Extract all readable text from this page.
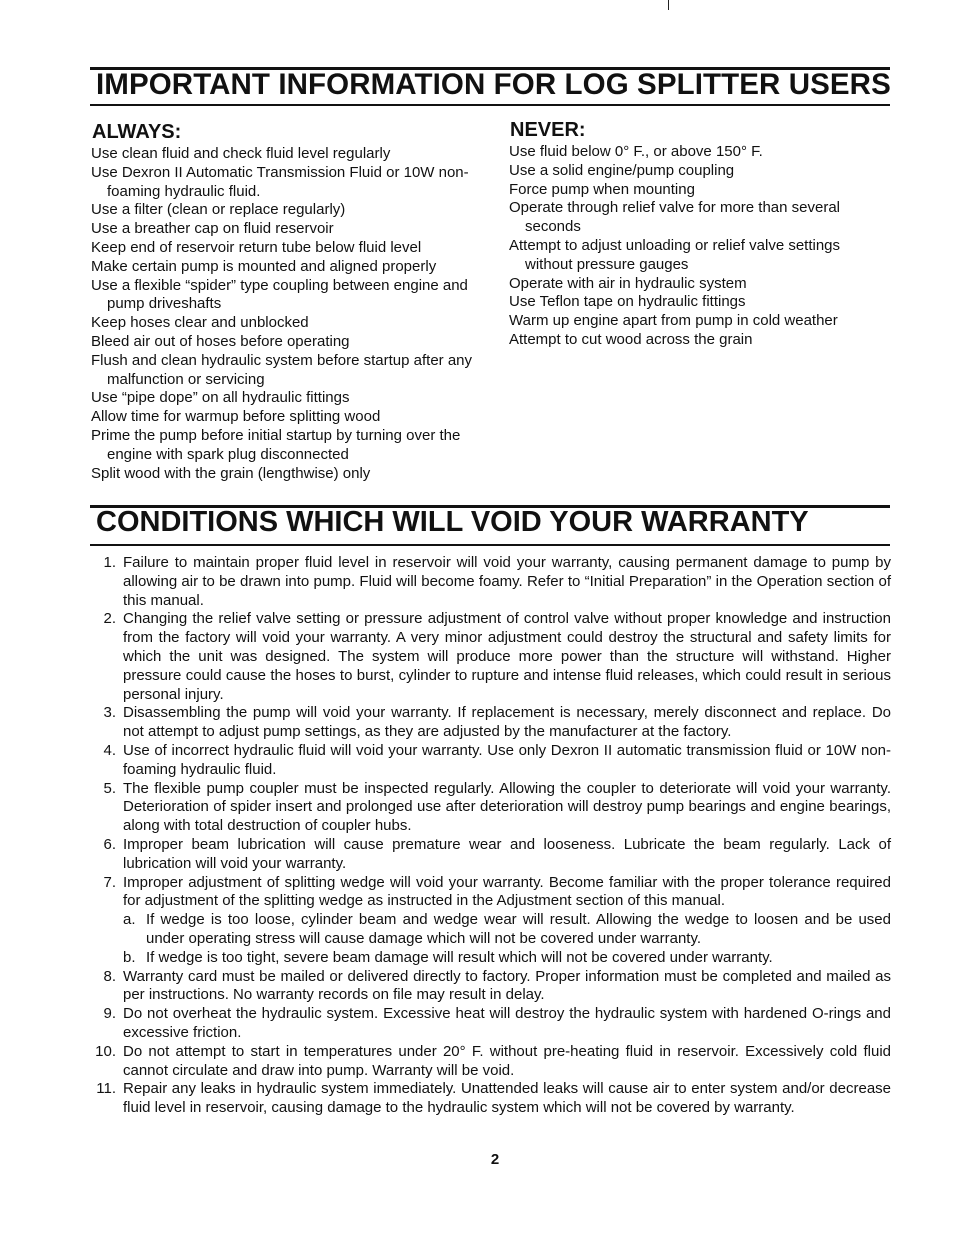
IMPORTANT INFORMATION FOR LOG SPLITTER USERS
ALWAYS:
Use clean fluid and check fluid level regularly
Use Dexron II Automatic Transmission Fluid or 10W non-foaming hydraulic fluid.
Use a filter (clean or replace regularly)
Use a breather cap on fluid reservoir
Keep end of reservoir return tube below fluid level
Make certain pump is mounted and aligned properly
Use a flexible “spider” type coupling between engine and pump driveshafts
Keep hoses clear and unblocked
Bleed air out of hoses before operating
Flush and clean hydraulic system before startup after any malfunction or servicing
Use “pipe dope” on all hydraulic fittings
Allow time for warmup before splitting wood
Prime the pump before initial startup by turning over the engine with spark plug disconnected
Split wood with the grain (lengthwise) only
NEVER:
Use fluid below 0° F., or above 150° F.
Use a solid engine/pump coupling
Force pump when mounting
Operate through relief valve for more than several seconds
Attempt to adjust unloading or relief valve settings without pressure gauges
Operate with air in hydraulic system
Use Teflon tape on hydraulic fittings
Warm up engine apart from pump in cold weather
Attempt to cut wood across the grain
CONDITIONS WHICH WILL VOID YOUR WARRANTY
1. Failure to maintain proper fluid level in reservoir will void your warranty, causing permanent damage to pump by allowing air to be drawn into pump. Fluid will become foamy. Refer to “Initial Preparation” in the Operation section of this manual.
2. Changing the relief valve setting or pressure adjustment of control valve without proper knowledge and instruction from the factory will void your warranty. A very minor adjustment could destroy the structural and safety limits for which the unit was designed. The system will produce more power than the structure will withstand. Higher pressure could cause the hoses to burst, cylinder to rupture and intense fluid releases, which could result in serious personal injury.
3. Disassembling the pump will void your warranty. If replacement is necessary, merely disconnect and replace. Do not attempt to adjust pump settings, as they are adjusted by the manufacturer at the factory.
4. Use of incorrect hydraulic fluid will void your warranty. Use only Dexron II automatic transmission fluid or 10W non-foaming hydraulic fluid.
5. The flexible pump coupler must be inspected regularly. Allowing the coupler to deteriorate will void your warranty. Deterioration of spider insert and prolonged use after deterioration will destroy pump bearings and engine bearings, along with total destruction of coupler hubs.
6. Improper beam lubrication will cause premature wear and looseness. Lubricate the beam regularly. Lack of lubrication will void your warranty.
7. Improper adjustment of splitting wedge will void your warranty. Become familiar with the proper tolerance required for adjustment of the splitting wedge as instructed in the Adjustment section of this manual.
a. If wedge is too loose, cylinder beam and wedge wear will result. Allowing the wedge to loosen and be used under operating stress will cause damage which will not be covered under warranty.
b. If wedge is too tight, severe beam damage will result which will not be covered under warranty.
8. Warranty card must be mailed or delivered directly to factory. Proper information must be completed and mailed as per instructions. No warranty records on file may result in delay.
9. Do not overheat the hydraulic system. Excessive heat will destroy the hydraulic system with hardened O-rings and excessive friction.
10. Do not attempt to start in temperatures under 20° F. without pre-heating fluid in reservoir. Excessively cold fluid cannot circulate and draw into pump. Warranty will be void.
11. Repair any leaks in hydraulic system immediately. Unattended leaks will cause air to enter system and/or decrease fluid level in reservoir, causing damage to the hydraulic system which will not be covered by warranty.
2
